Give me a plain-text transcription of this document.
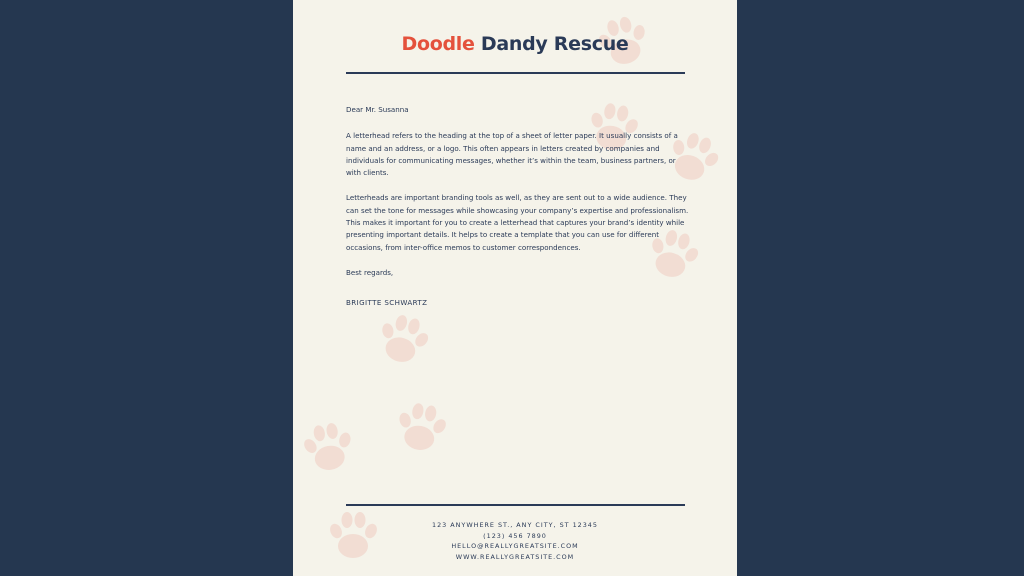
Doodle Dandy Rescue

Dear Mr. Susanna

A letterhead refers to the heading at the top of a sheet of letter paper. It usually consists of a name and an address, or a logo. This often appears in letters created by companies and individuals for communicating messages, whether it’s within the team, business partners, or with clients.

Letterheads are important branding tools as well, as they are sent out to a wide audience. They can set the tone for messages while showcasing your company’s expertise and professionalism. This makes it important for you to create a letterhead that captures your brand’s identity while presenting important details. It helps to create a template that you can use for different occasions, from inter-office memos to customer correspondences.

Best regards,

BRIGITTE SCHWARTZ

123 ANYWHERE ST., ANY CITY, ST 12345
(123) 456 7890
HELLO@REALLYGREATSITE.COM
WWW.REALLYGREATSITE.COM
